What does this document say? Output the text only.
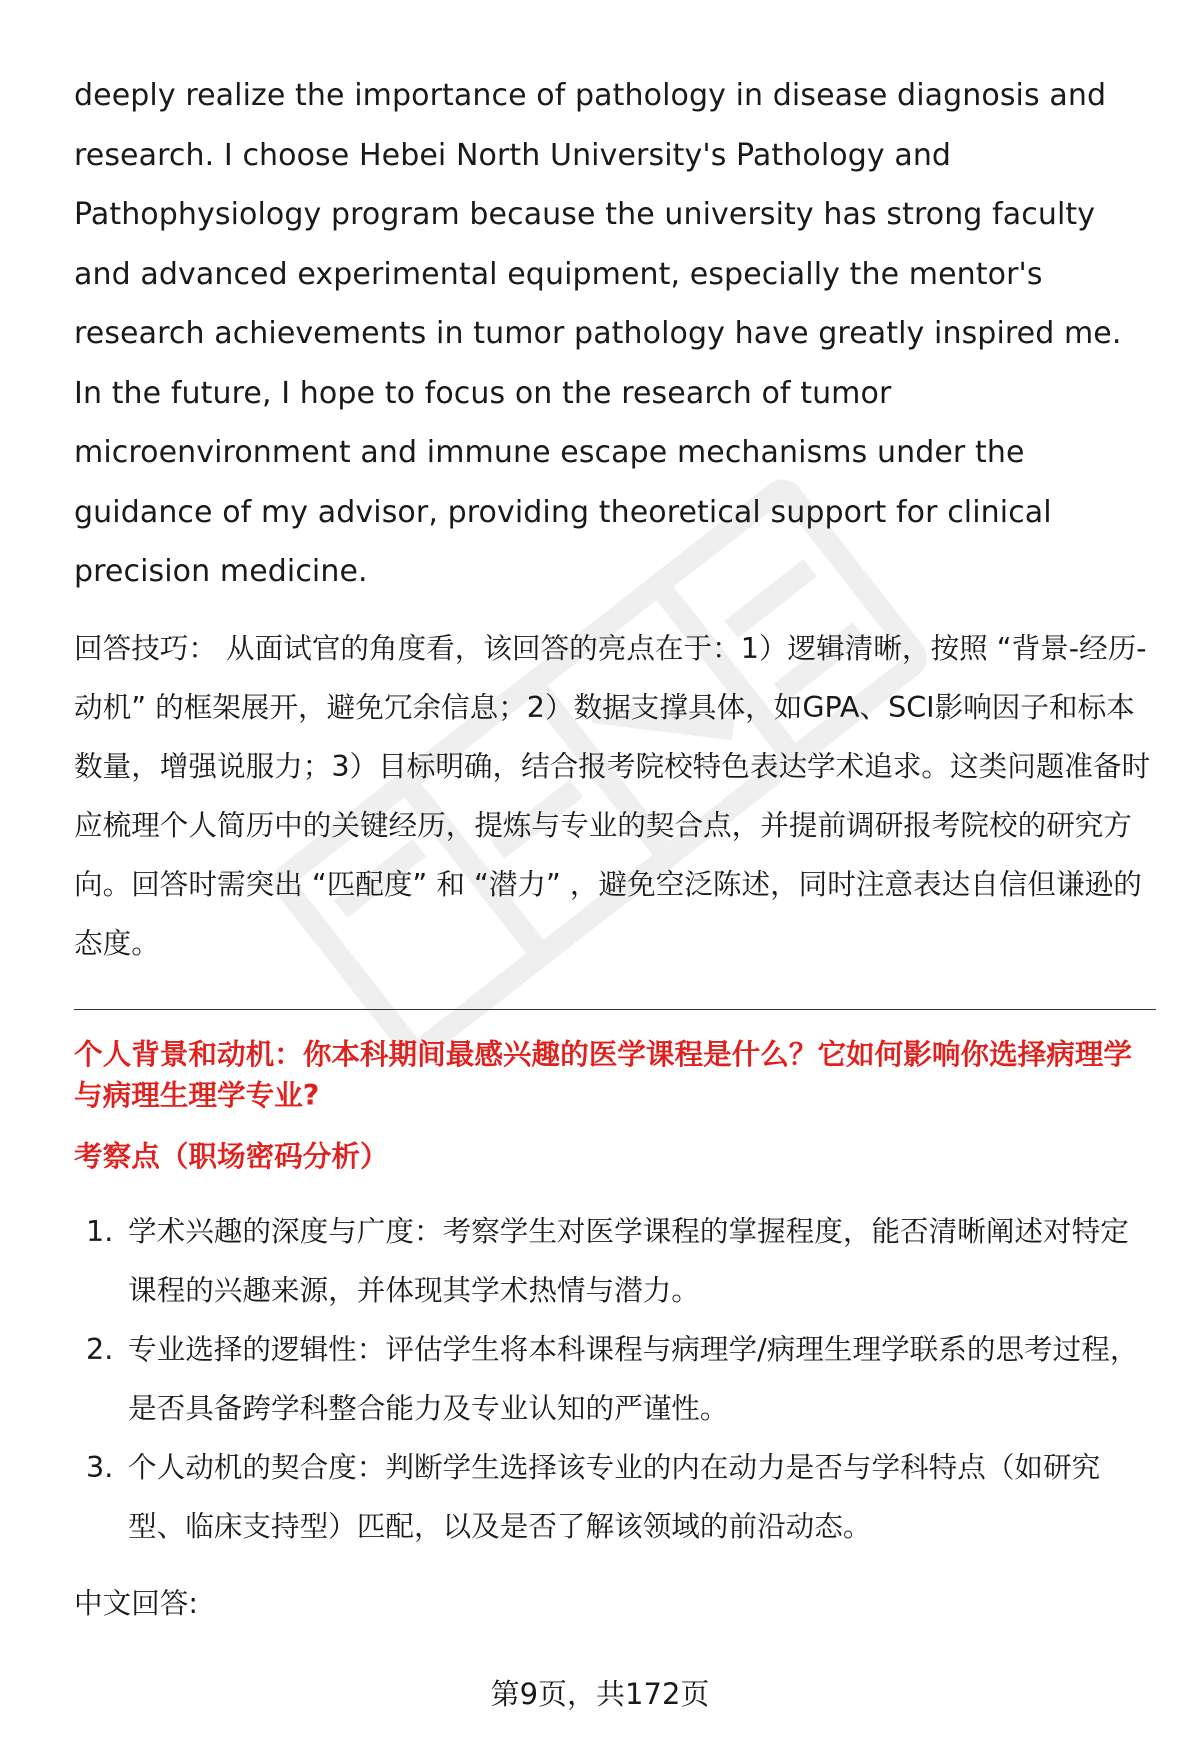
deeply realize the importance of pathology in disease diagnosis and research. I choose Hebei North University's Pathology and Pathophysiology program because the university has strong faculty and advanced experimental equipment, especially the mentor's research achievements in tumor pathology have greatly inspired me. In the future, I hope to focus on the research of tumor microenvironment and immune escape mechanisms under the guidance of my advisor, providing theoretical support for clinical precision medicine.

回答技巧： 从面试官的角度看，该回答的亮点在于：1）逻辑清晰，按照 “背景-经历-动机” 的框架展开，避免冗余信息；2）数据支撑具体，如GPA、SCI影响因子和标本数量，增强说服力；3）目标明确，结合报考院校特色表达学术追求。这类问题准备时应梳理个人简历中的关键经历，提炼与专业的契合点，并提前调研报考院校的研究方向。回答时需突出 “匹配度” 和 “潜力” ，避免空泛陈述，同时注意表达自信但谦逊的态度。

个人背景和动机：你本科期间最感兴趣的医学课程是什么？它如何影响你选择病理学与病理生理学专业?

考察点（职场密码分析）

1. 学术兴趣的深度与广度：考察学生对医学课程的掌握程度，能否清晰阐述对特定课程的兴趣来源，并体现其学术热情与潜力。
2. 专业选择的逻辑性：评估学生将本科课程与病理学/病理生理学联系的思考过程，是否具备跨学科整合能力及专业认知的严谨性。
3. 个人动机的契合度：判断学生选择该专业的内在动力是否与学科特点（如研究型、临床支持型）匹配，以及是否了解该领域的前沿动态。

中文回答:

第9页，共172页
